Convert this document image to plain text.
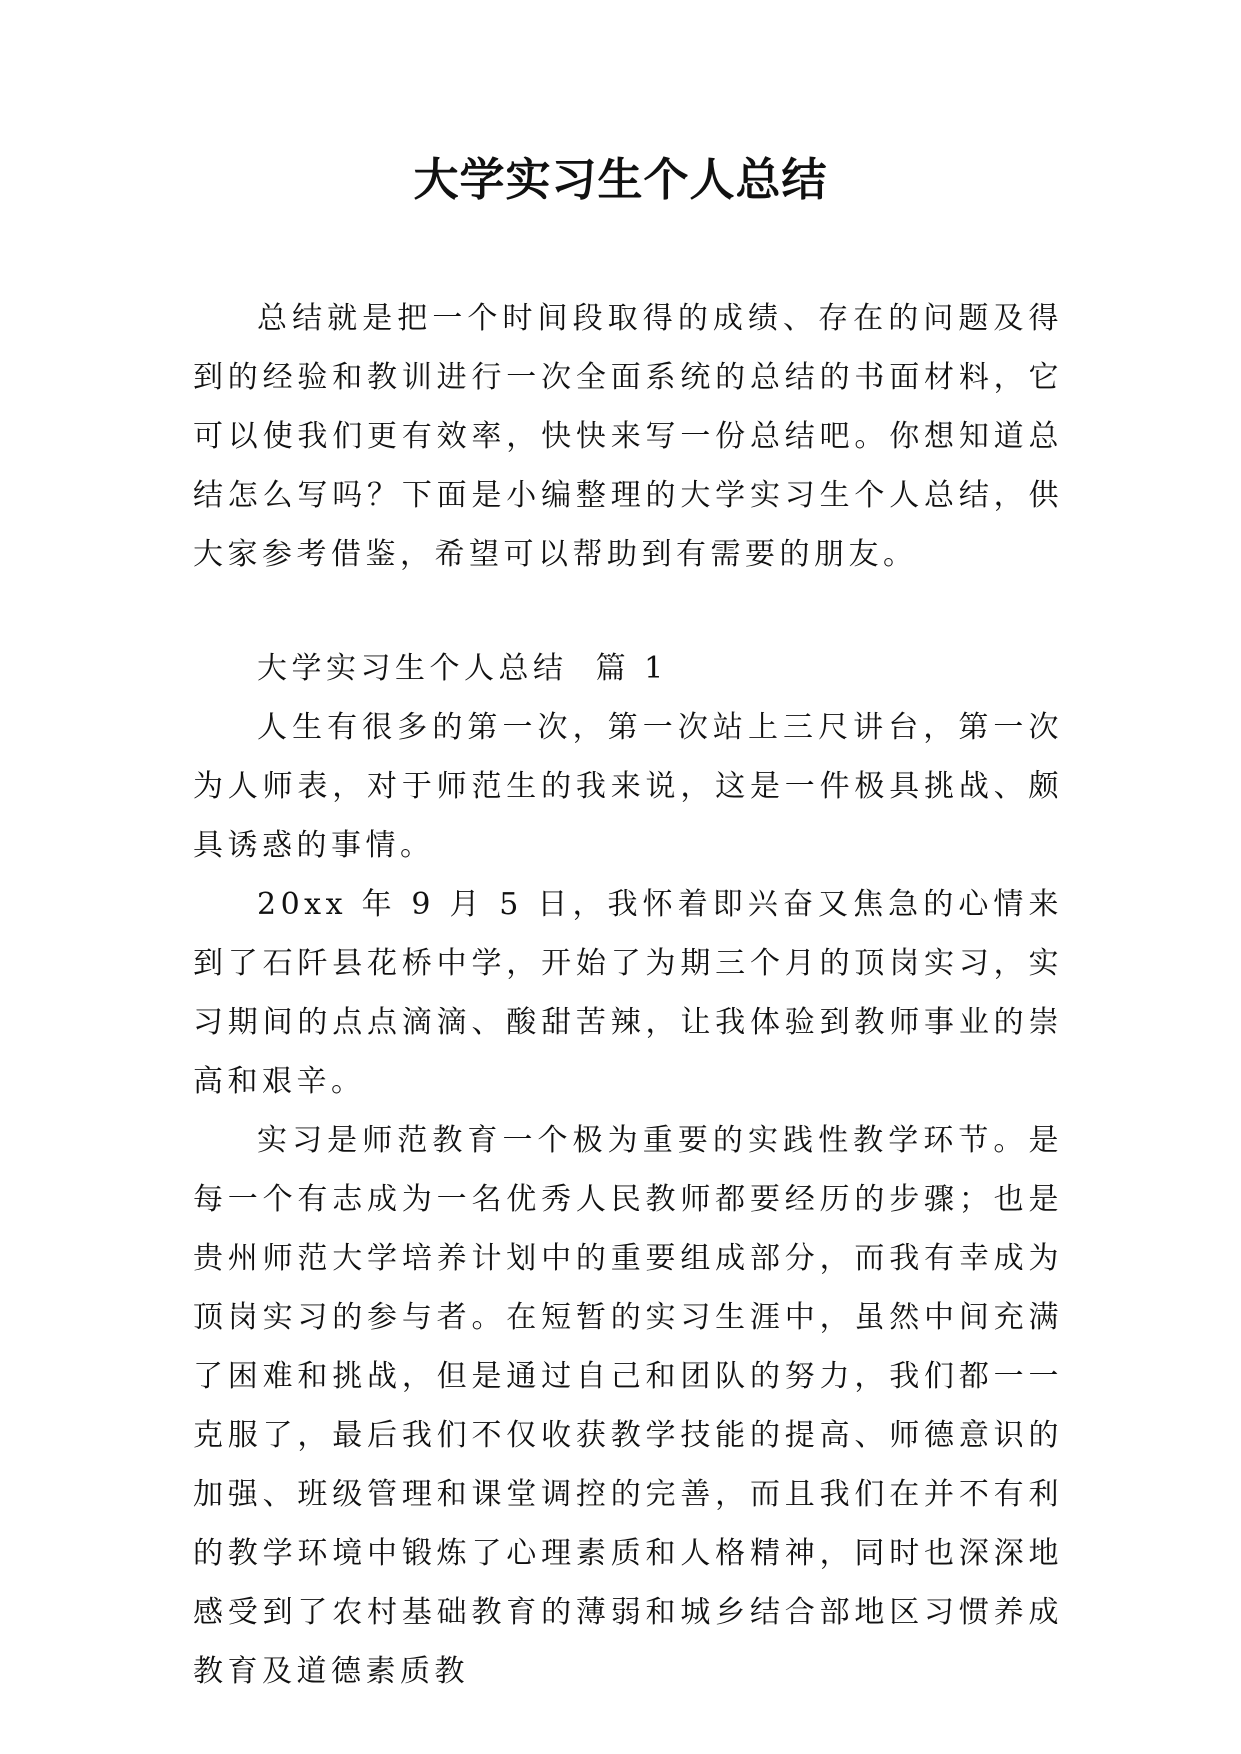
大学实习生个人总结

总结就是把一个时间段取得的成绩、存在的问题及得到的经验和教训进行一次全面系统的总结的书面材料，它可以使我们更有效率，快快来写一份总结吧。你想知道总结怎么写吗？下面是小编整理的大学实习生个人总结，供大家参考借鉴，希望可以帮助到有需要的朋友。

大学实习生个人总结  篇 1

人生有很多的第一次，第一次站上三尺讲台，第一次为人师表，对于师范生的我来说，这是一件极具挑战、颇具诱惑的事情。

20xx 年 9 月 5 日，我怀着即兴奋又焦急的心情来到了石阡县花桥中学，开始了为期三个月的顶岗实习，实习期间的点点滴滴、酸甜苦辣，让我体验到教师事业的崇高和艰辛。

实习是师范教育一个极为重要的实践性教学环节。是每一个有志成为一名优秀人民教师都要经历的步骤；也是贵州师范大学培养计划中的重要组成部分，而我有幸成为顶岗实习的参与者。在短暂的实习生涯中，虽然中间充满了困难和挑战，但是通过自己和团队的努力，我们都一一克服了，最后我们不仅收获教学技能的提高、师德意识的加强、班级管理和课堂调控的完善，而且我们在并不有利的教学环境中锻炼了心理素质和人格精神，同时也深深地感受到了农村基础教育的薄弱和城乡结合部地区习惯养成教育及道德素质教
